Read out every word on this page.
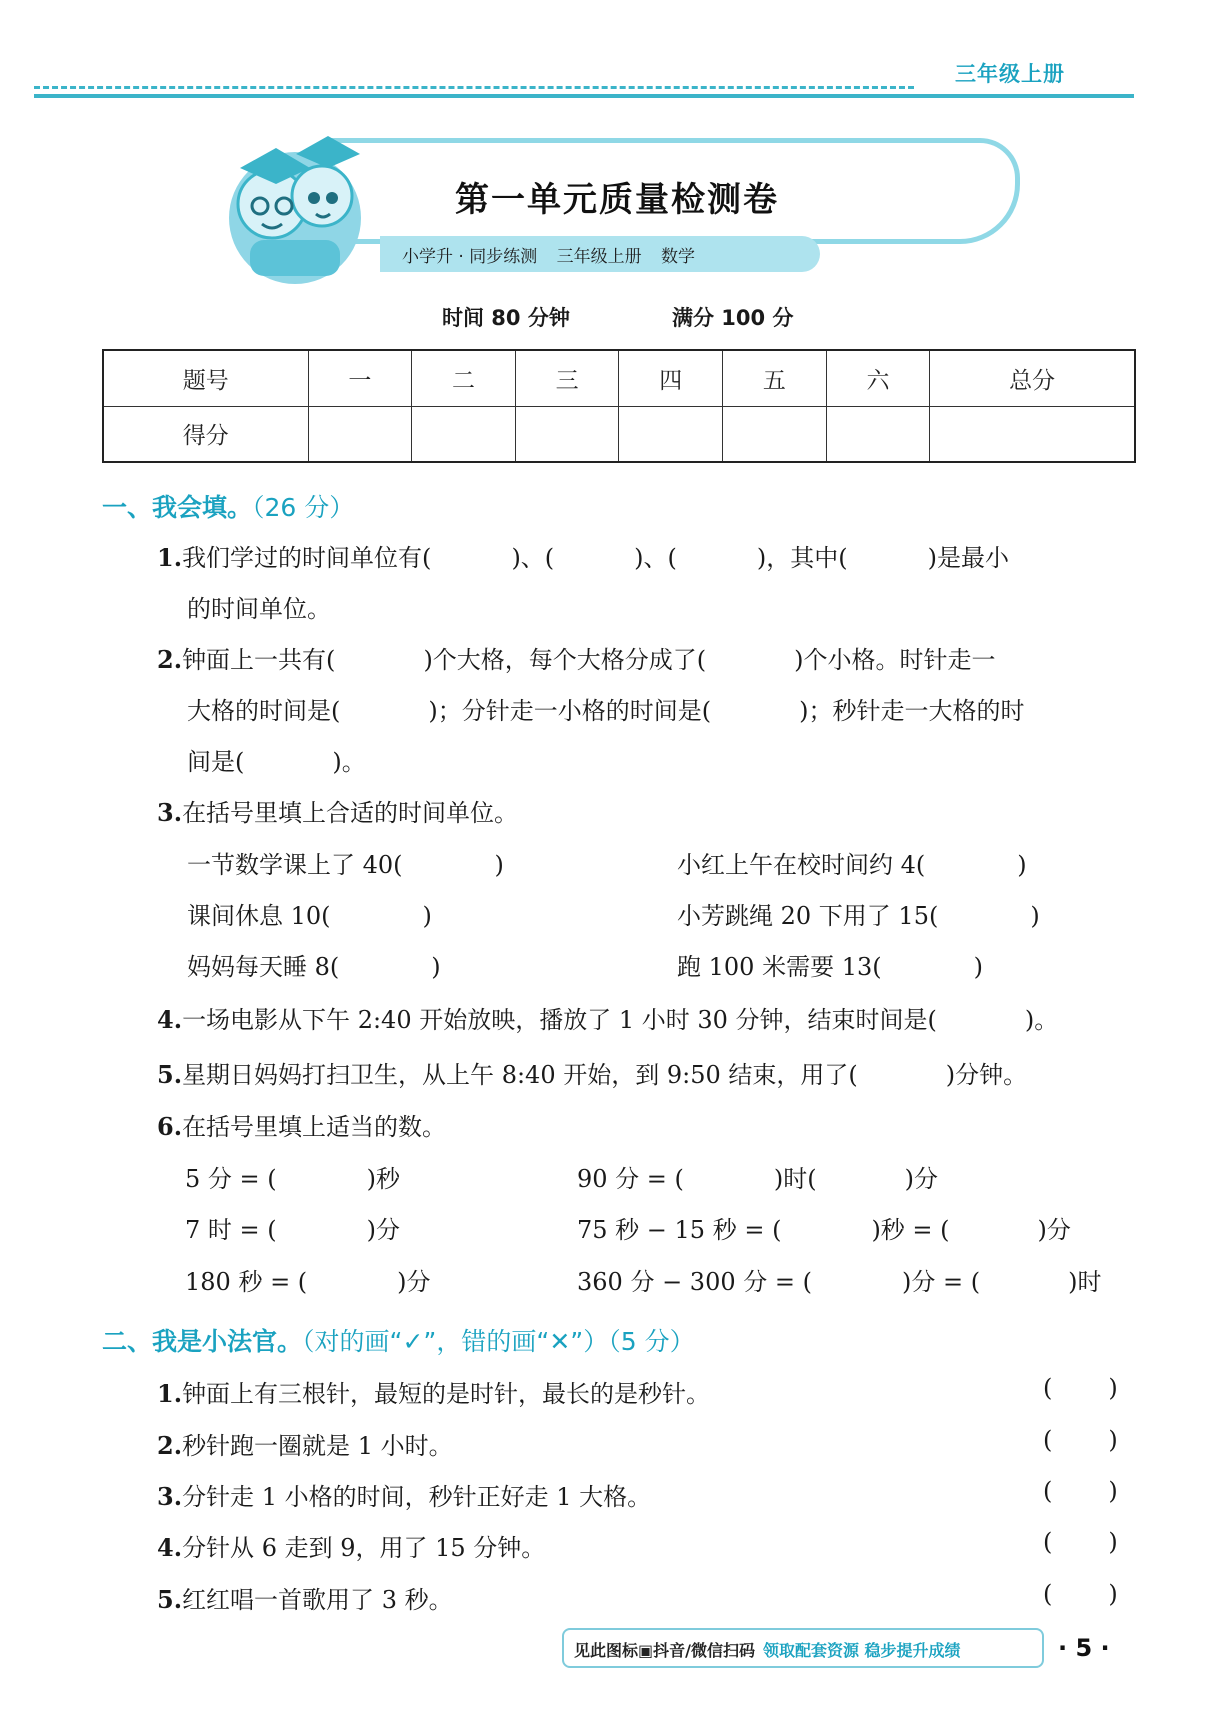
三年级上册
第一单元质量检测卷
小学升 · 同步练测 三年级上册 数学
时间 80 分钟	满分 100 分
题号	一	二	三	四	五	六	总分
得分							
一、我会填。（26 分）
1.我们学过的时间单位有(	)、(	)、(	)，其中(	)是最小
的时间单位。
2.钟面上一共有(	)个大格，每个大格分成了(	)个小格。时针走一
大格的时间是(	)；分针走一小格的时间是(	)；秒针走一大格的时
间是(	)。
3.在括号里填上合适的时间单位。
一节数学课上了 40(	)	小红上午在校时间约 4(	)
课间休息 10(	)	小芳跳绳 20 下用了 15(	)
妈妈每天睡 8(	)	跑 100 米需要 13(	)
4.一场电影从下午 2:40 开始放映，播放了 1 小时 30 分钟，结束时间是(	)。
5.星期日妈妈打扫卫生，从上午 8:40 开始，到 9:50 结束，用了(	)分钟。
6.在括号里填上适当的数。
5 分 = (	)秒	90 分 = (	)时(	)分
7 时 = (	)分	75 秒 − 15 秒 = (	)秒 = (	)分
180 秒 = (	)分	360 分 − 300 分 = (	)分 = (	)时
二、我是小法官。（对的画“✓”，错的画“✕”）（5 分）
1.钟面上有三根针，最短的是时针，最长的是秒针。	( )
2.秒针跑一圈就是 1 小时。	( )
3.分针走 1 小格的时间，秒针正好走 1 大格。	( )
4.分针从 6 走到 9，用了 15 分钟。	( )
5.红红唱一首歌用了 3 秒。	( )
见此图标▣抖音/微信扫码 领取配套资源 稳步提升成绩	· 5 ·
